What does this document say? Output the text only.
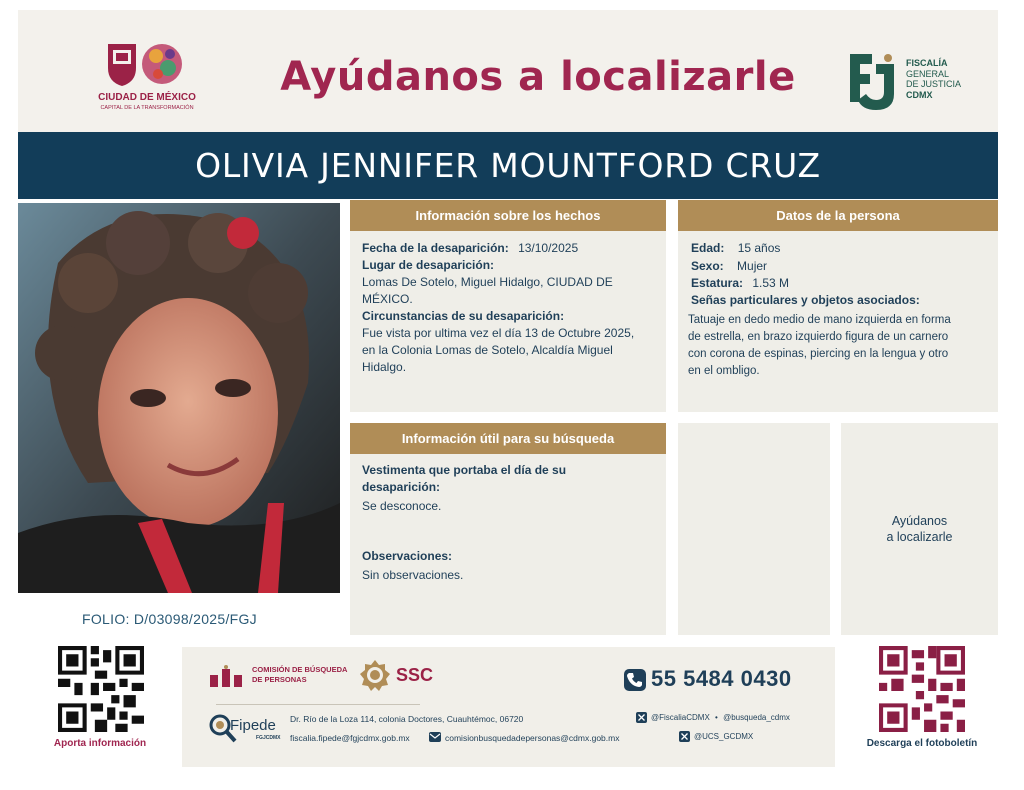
CIUDAD DE MÉXICO
CAPITAL DE LA TRANSFORMACIÓN
Ayúdanos a localizarle	FISCALÍA
GENERAL
DE JUSTICIA
CDMX
OLIVIA JENNIFER MOUNTFORD CRUZ
FOLIO: D/03098/2025/FGJ
Información sobre los hechos
Fecha de la desaparición: 13/10/2025
Lugar de desaparición:
Lomas De Sotelo, Miguel Hidalgo, CIUDAD DE
MÉXICO.
Circunstancias de su desaparición:
Fue vista por ultima vez el día 13 de Octubre 2025,
en la Colonia Lomas de Sotelo, Alcaldía Miguel
Hidalgo.
Datos de la persona
Edad: 15 años
Sexo: Mujer
Estatura: 1.53 M
Señas particulares y objetos asociados:
Tatuaje en dedo medio de mano izquierda en forma
de estrella, en brazo izquierdo figura de un carnero
con corona de espinas, piercing en la lengua y otro
en el ombligo.
Información útil para su búsqueda
Vestimenta que portaba el día de su
desaparición:
Se desconoce.
Observaciones:
Sin observaciones.
Ayúdanos
a localizarle
Aporta información	Descarga el fotoboletín
COMISIÓN DE BÚSQUEDA
DE PERSONAS	SSC	55 5484 0430
Fipede
FGJCDMX
Dr. Río de la Loza 114, colonia Doctores, Cuauhtémoc, 06720
fiscalia.fipede@fgjcdmx.gob.mx	comisionbusquedadepersonas@cdmx.gob.mx
@FiscaliaCDMX • @busqueda_cdmx
@UCS_GCDMX
